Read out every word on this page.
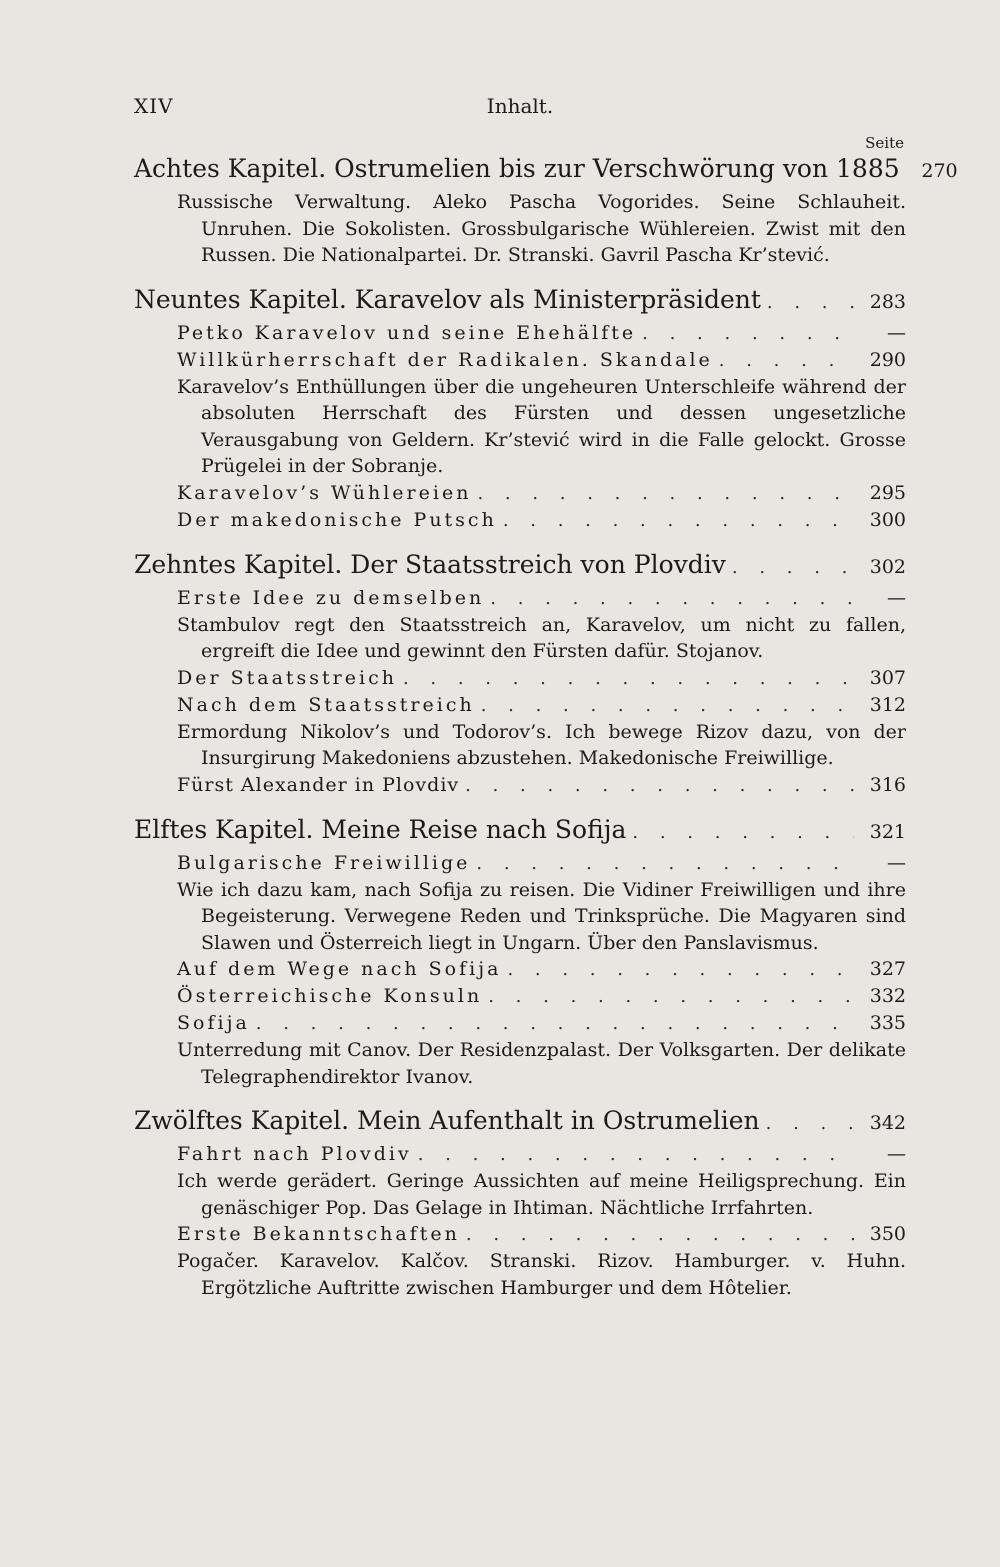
XIV	Inhalt.
Seite
Achtes Kapitel. Ostrumelien bis zur Verschwörung von 1885	270
Russische Verwaltung. Aleko Pascha Vogorides. Seine Schlauheit. Unruhen. Die Sokolisten. Grossbulgarische Wühlereien. Zwist mit den Russen. Die Nationalpartei. Dr. Stranski. Gavril Pascha Kr’stević.
Neuntes Kapitel. Karavelov als Ministerpräsident . . .	283
Petko Karavelov und seine Ehehälfte . . .	—
Willkürherrschaft der Radikalen. Skandale . . .	290
Karavelov’s Enthüllungen über die ungeheuren Unterschleife während der absoluten Herrschaft des Fürsten und dessen ungesetzliche Verausgabung von Geldern. Kr’stević wird in die Falle gelockt. Grosse Prügelei in der Sobranje.
Karavelov’s Wühlereien . . .	295
Der makedonische Putsch . . .	300
Zehntes Kapitel. Der Staatsstreich von Plovdiv . . .	302
Erste Idee zu demselben . . .	—
Stambulov regt den Staatsstreich an, Karavelov, um nicht zu fallen, ergreift die Idee und gewinnt den Fürsten dafür. Stojanov.
Der Staatsstreich . . .	307
Nach dem Staatsstreich . . .	312
Ermordung Nikolov’s und Todorov’s. Ich bewege Rizov dazu, von der Insurgirung Makedoniens abzustehen. Makedonische Freiwillige.
Fürst Alexander in Plovdiv . . .	316
Elftes Kapitel. Meine Reise nach Sofija . . .	321
Bulgarische Freiwillige . . .	—
Wie ich dazu kam, nach Sofija zu reisen. Die Vidiner Freiwilligen und ihre Begeisterung. Verwegene Reden und Trinksprüche. Die Magyaren sind Slawen und Österreich liegt in Ungarn. Über den Panslavismus.
Auf dem Wege nach Sofija . . .	327
Österreichische Konsuln . . .	332
Sofija . . .	335
Unterredung mit Canov. Der Residenzpalast. Der Volksgarten. Der delikate Telegraphendirektor Ivanov.
Zwölftes Kapitel. Mein Aufenthalt in Ostrumelien . . .	342
Fahrt nach Plovdiv . . .	—
Ich werde gerädert. Geringe Aussichten auf meine Heiligsprechung. Ein genäschiger Pop. Das Gelage in Ihtiman. Nächtliche Irrfahrten.
Erste Bekanntschaften . . .	350
Pogačer. Karavelov. Kalčov. Stranski. Rizov. Hamburger. v. Huhn. Ergötzliche Auftritte zwischen Hamburger und dem Hôtelier.
